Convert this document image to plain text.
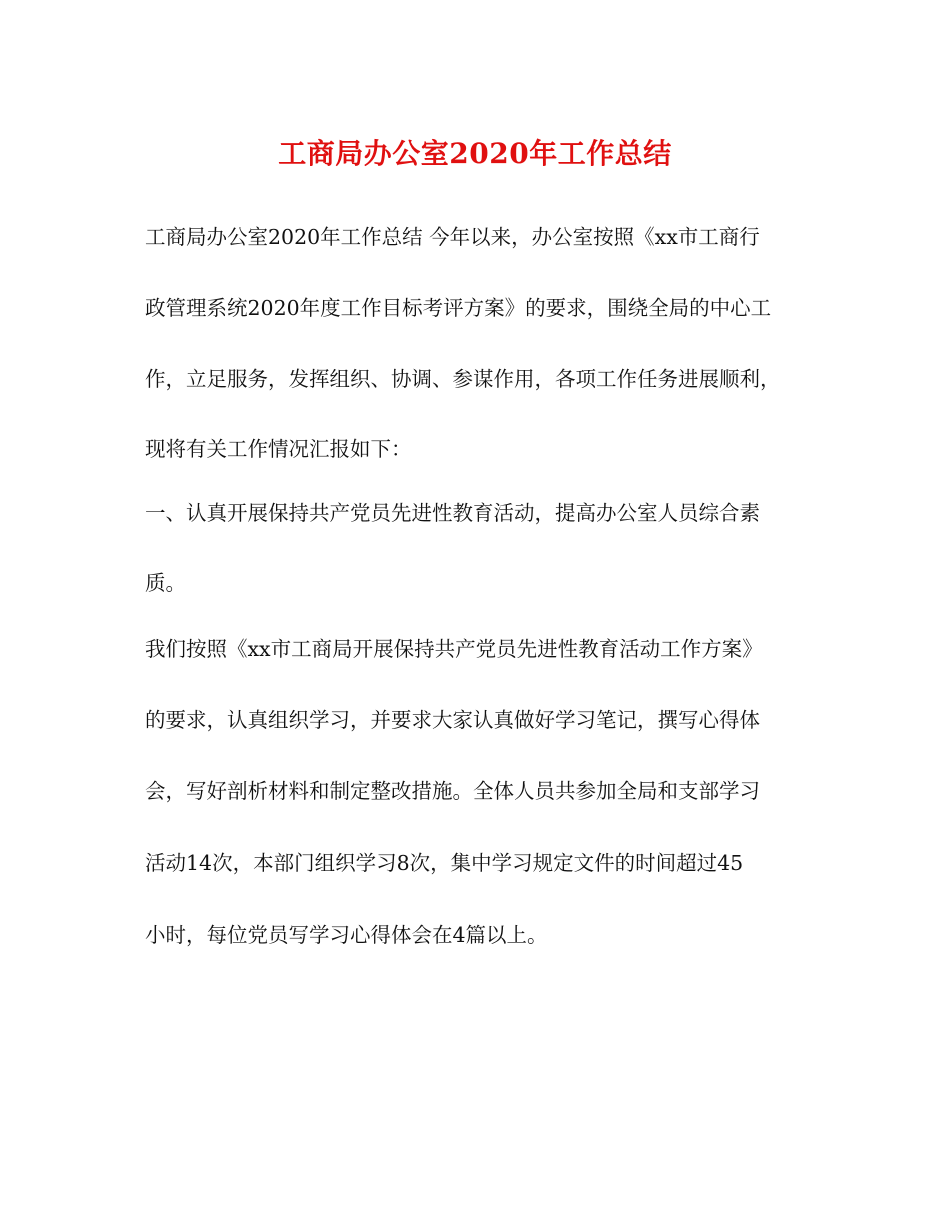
工商局办公室2020年工作总结
工商局办公室2020年工作总结 今年以来，办公室按照《xx市工商行
政管理系统2020年度工作目标考评方案》的要求，围绕全局的中心工
作，立足服务，发挥组织、协调、参谋作用，各项工作任务进展顺利，
现将有关工作情况汇报如下：
一、认真开展保持共产党员先进性教育活动，提高办公室人员综合素
质。
我们按照《xx市工商局开展保持共产党员先进性教育活动工作方案》
的要求，认真组织学习，并要求大家认真做好学习笔记，撰写心得体
会，写好剖析材料和制定整改措施。全体人员共参加全局和支部学习
活动14次，本部门组织学习8次，集中学习规定文件的时间超过45
小时，每位党员写学习心得体会在4篇以上。
